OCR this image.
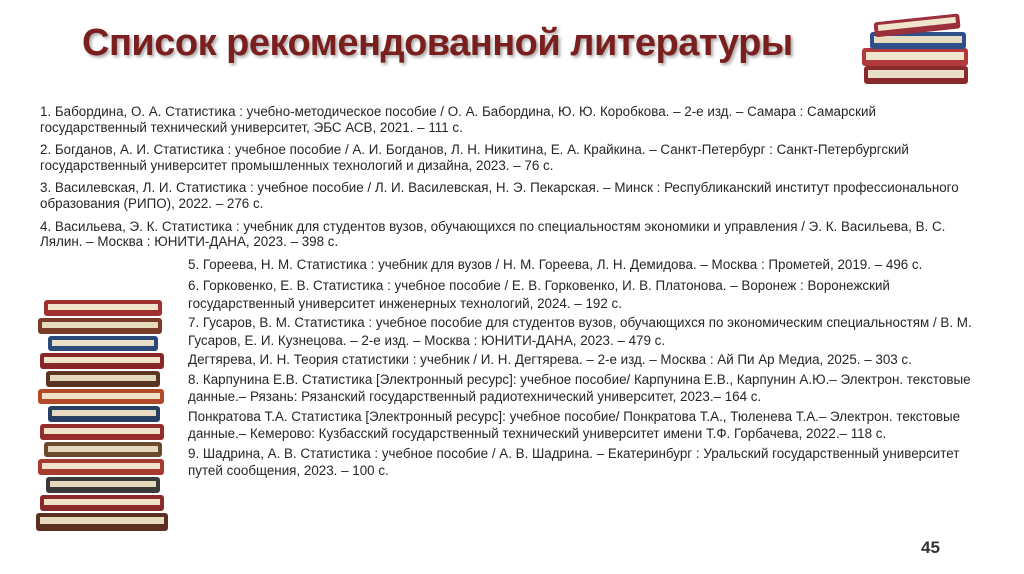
Список рекомендованной литературы

1. Бабордина, О. А. Статистика : учебно-методическое пособие / О. А. Бабордина, Ю. Ю. Коробкова. – 2-е изд. – Самара : Самарский государственный технический университет, ЭБС АСВ, 2021. – 111 с.

2. Богданов, А. И. Статистика : учебное пособие / А. И. Богданов, Л. Н. Никитина, Е. А. Крайкина. – Санкт-Петербург : Санкт-Петербургский государственный университет промышленных технологий и дизайна, 2023. – 76 с.

3. Василевская, Л. И. Статистика : учебное пособие / Л. И. Василевская, Н. Э. Пекарская. – Минск : Республиканский институт профессионального образования (РИПО), 2022. – 276 с.

4. Васильева, Э. К. Статистика : учебник для студентов вузов, обучающихся по специальностям экономики и управления / Э. К. Васильева, В. С. Лялин. – Москва : ЮНИТИ-ДАНА, 2023. – 398 с.

5. Гореева, Н. М. Статистика : учебник для вузов / Н. М. Гореева, Л. Н. Демидова. – Москва : Прометей, 2019. – 496 с.

6. Горковенко, Е. В. Статистика : учебное пособие / Е. В. Горковенко, И. В. Платонова. – Воронеж : Воронежский государственный университет инженерных технологий, 2024. – 192 с.

7. Гусаров, В. М. Статистика : учебное пособие для студентов вузов, обучающихся по экономическим специальностям / В. М. Гусаров, Е. И. Кузнецова. – 2-е изд. – Москва : ЮНИТИ-ДАНА, 2023. – 479 с.

Дегтярева, И. Н. Теория статистики : учебник / И. Н. Дегтярева. – 2-е изд. – Москва : Ай Пи Ар Медиа, 2025. – 303 с.

8. Карпунина Е.В. Статистика [Электронный ресурс]: учебное пособие/ Карпунина Е.В., Карпунин А.Ю.– Электрон. текстовые данные.– Рязань: Рязанский государственный радиотехнический университет, 2023.– 164 с.

Понкратова Т.А. Статистика [Электронный ресурс]: учебное пособие/ Понкратова Т.А., Тюленева Т.А.– Электрон. текстовые данные.– Кемерово: Кузбасский государственный технический университет имени Т.Ф. Горбачева, 2022.– 118 с.

9. Шадрина, А. В. Статистика : учебное пособие / А. В. Шадрина. – Екатеринбург : Уральский государственный университет путей сообщения, 2023. – 100 с.

45
